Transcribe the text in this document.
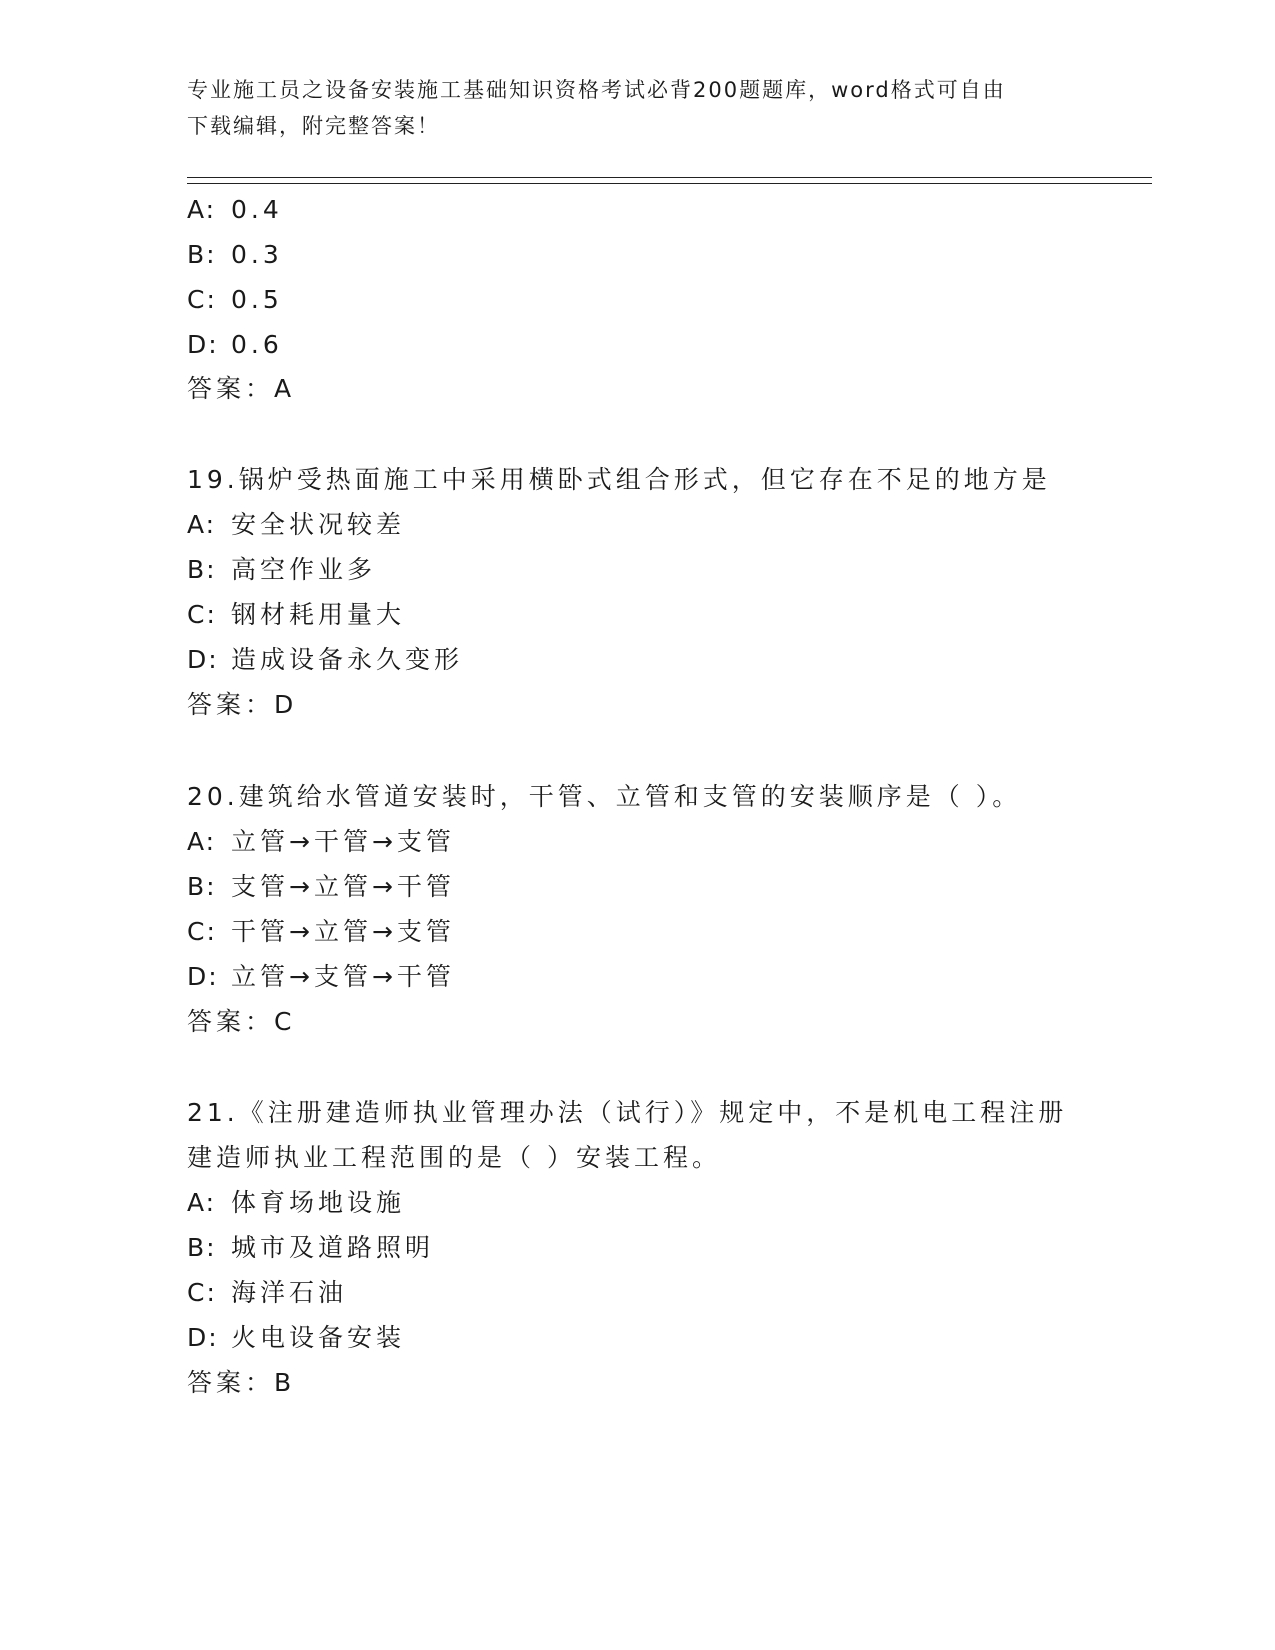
专业施工员之设备安装施工基础知识资格考试必背200题题库，word格式可自由
下载编辑，附完整答案！
A: 0.4
B: 0.3
C: 0.5
D: 0.6
答案：A
19.锅炉受热面施工中采用横卧式组合形式，但它存在不足的地方是
A: 安全状况较差
B: 高空作业多
C: 钢材耗用量大
D: 造成设备永久变形
答案：D
20.建筑给水管道安装时，干管、立管和支管的安装顺序是（ ）。
A: 立管→干管→支管
B: 支管→立管→干管
C: 干管→立管→支管
D: 立管→支管→干管
答案：C
21.《注册建造师执业管理办法（试行）》规定中，不是机电工程注册
建造师执业工程范围的是（ ）安装工程。
A: 体育场地设施
B: 城市及道路照明
C: 海洋石油
D: 火电设备安装
答案：B
